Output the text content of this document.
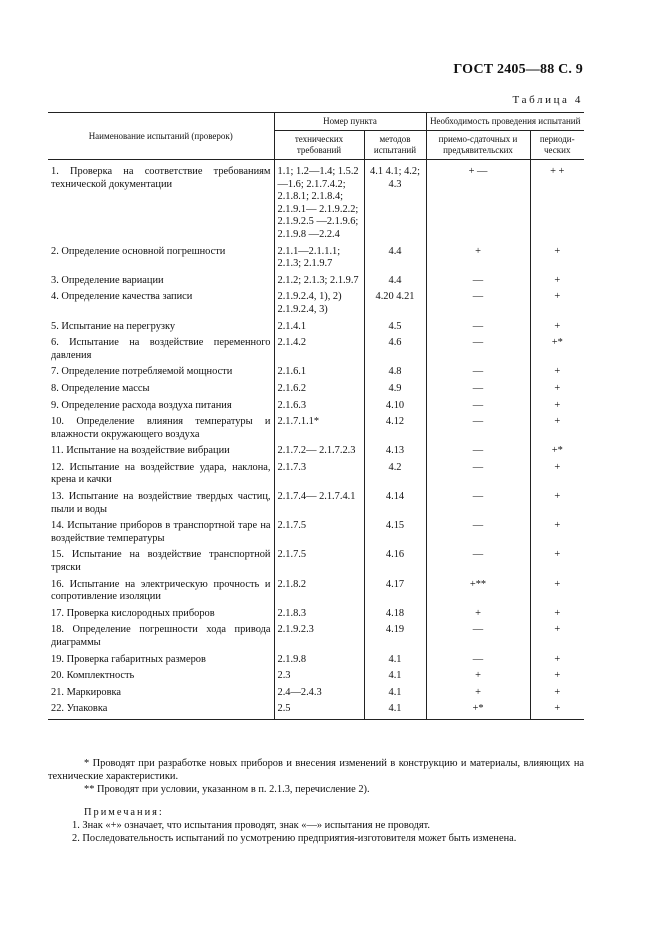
ГОСТ 2405—88 С. 9
Таблица 4
Наименование испытаний (проверок)	Номер пункта		Необходимость проведения испытаний	
	технических требований	методов испытаний	приемо-сдаточных и предъявительских	периоди-ческих
1. Проверка на соответствие требованиям технической документации	1.1; 1.2—1.4; 1.5.2—1.6; 2.1.7.4.2; 2.1.8.1; 2.1.8.4; 2.1.9.1— 2.1.9.2.2; 2.1.9.2.5 —2.1.9.6; 2.1.9.8 —2.2.4	4.1 4.1; 4.2; 4.3	+ —	+ +
2. Определение основной погрешности	2.1.1—2.1.1.1; 2.1.3; 2.1.9.7	4.4	+	+
3. Определение вариации	2.1.2; 2.1.3; 2.1.9.7	4.4	—	+
4. Определение качества записи	2.1.9.2.4, 1), 2) 2.1.9.2.4, 3)	4.20 4.21	—	+
5. Испытание на перегрузку	2.1.4.1	4.5	—	+
6. Испытание на воздействие переменного давления	2.1.4.2	4.6	—	+*
7. Определение потребляемой мощности	2.1.6.1	4.8	—	+
8. Определение массы	2.1.6.2	4.9	—	+
9. Определение расхода воздуха питания	2.1.6.3	4.10	—	+
10. Определение влияния температуры и влажности окружающего воздуха	2.1.7.1.1*	4.12	—	+
11. Испытание на воздействие вибрации	2.1.7.2— 2.1.7.2.3	4.13	—	+*
12. Испытание на воздействие удара, наклона, крена и качки	2.1.7.3	4.2	—	+
13. Испытание на воздействие твердых частиц, пыли и воды	2.1.7.4— 2.1.7.4.1	4.14	—	+
14. Испытание приборов в транспортной таре на воздействие температуры	2.1.7.5	4.15	—	+
15. Испытание на воздействие транспортной тряски	2.1.7.5	4.16	—	+
16. Испытание на электрическую прочность и сопротивление изоляции	2.1.8.2	4.17	+**	+
17. Проверка кислородных приборов	2.1.8.3	4.18	+	+
18. Определение погрешности хода привода диаграммы	2.1.9.2.3	4.19	—	+
19. Проверка габаритных размеров	2.1.9.8	4.1	—	+
20. Комплектность	2.3	4.1	+	+
21. Маркировка	2.4—2.4.3	4.1	+	+
22. Упаковка	2.5	4.1	+*	+

* Проводят при разработке новых приборов и внесения изменений в конструкцию и материалы, влияющих на технические характеристики.

** Проводят при условии, указанном в п. 2.1.3, перечисление 2).

Примечания:

1. Знак «+» означает, что испытания проводят, знак «—» испытания не проводят.

2. Последовательность испытаний по усмотрению предприятия-изготовителя может быть изменена.
